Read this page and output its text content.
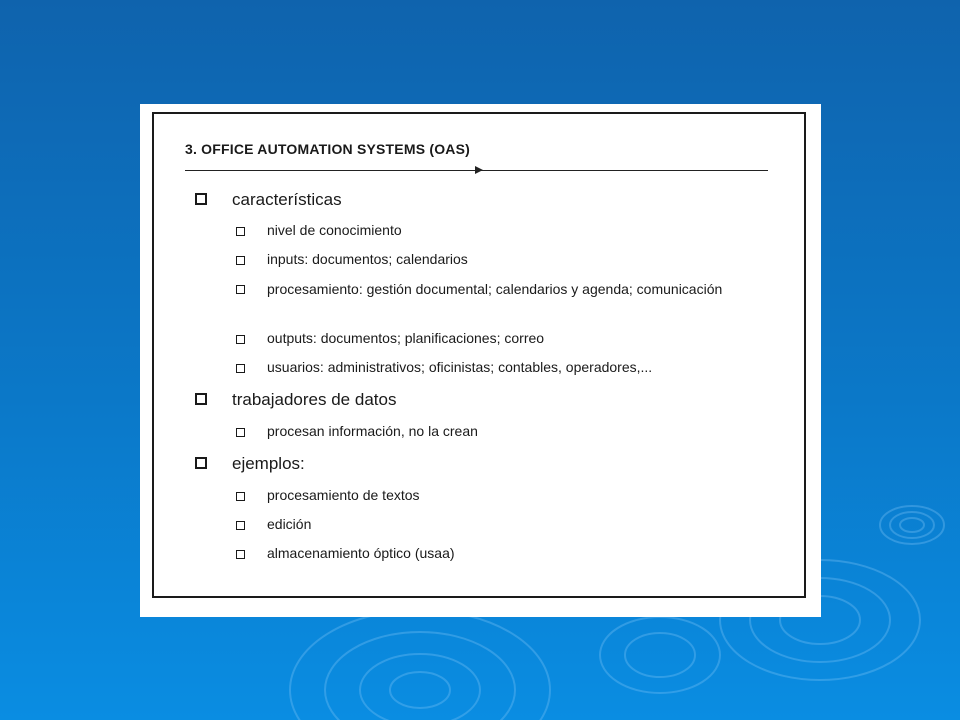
3. OFFICE AUTOMATION SYSTEMS (OAS)
características
nivel de conocimiento
inputs: documentos; calendarios
procesamiento: gestión documental; calendarios y agenda; comunicación
outputs: documentos; planificaciones; correo
usuarios: administrativos; oficinistas; contables, operadores,...
trabajadores de datos
procesan información, no la crean
ejemplos:
procesamiento de textos
edición
almacenamiento óptico (usaa)
